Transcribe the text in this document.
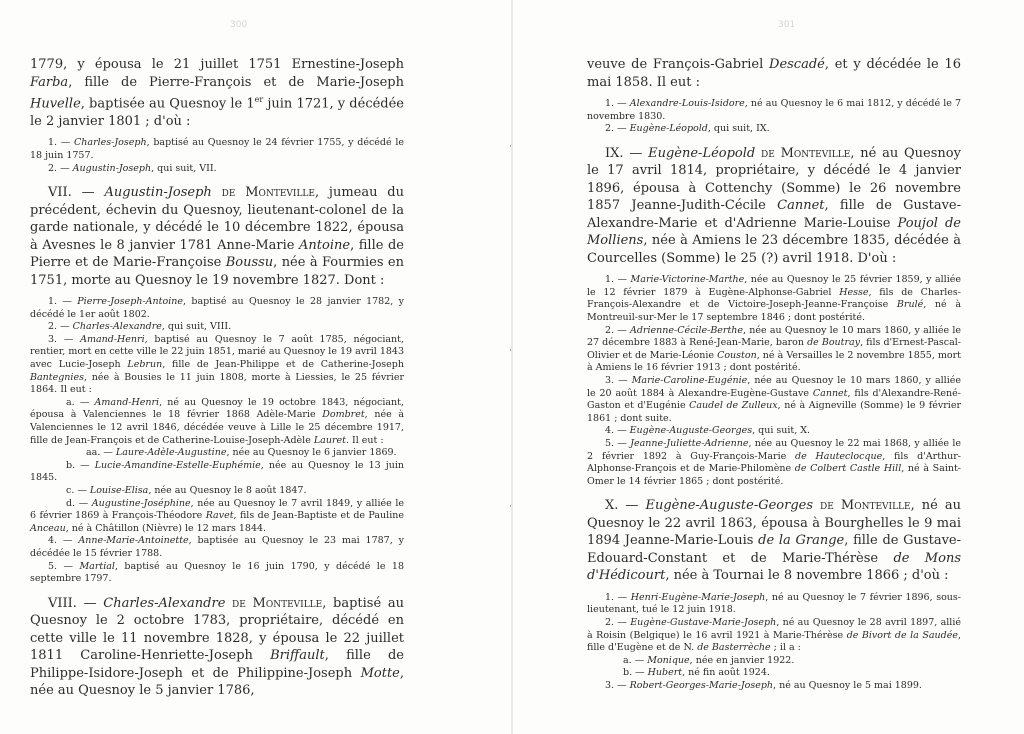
·
·
·
300

1779, y épousa le 21 juillet 1751 Ernestine-Joseph Farba, fille de Pierre-François et de Marie-Joseph Huvelle, baptisée au Quesnoy le 1er juin 1721, y décédée le 2 janvier 1801 ; d'où :

1. — Charles-Joseph, baptisé au Quesnoy le 24 février 1755, y décédé le 18 juin 1757.

2. — Augustin-Joseph, qui suit, VII.

VII. — Augustin-Joseph de Monteville, jumeau du précédent, échevin du Quesnoy, lieutenant-colonel de la garde nationale, y décédé le 10 décembre 1822, épousa à Avesnes le 8 janvier 1781 Anne-Marie Antoine, fille de Pierre et de Marie-Françoise Boussu, née à Fourmies en 1751, morte au Quesnoy le 19 novembre 1827. Dont :

1. — Pierre-Joseph-Antoine, baptisé au Quesnoy le 28 janvier 1782, y décédé le 1er août 1802.

2. — Charles-Alexandre, qui suit, VIII.

3. — Amand-Henri, baptisé au Quesnoy le 7 août 1785, négociant, rentier, mort en cette ville le 22 juin 1851, marié au Quesnoy le 19 avril 1843 avec Lucie-Joseph Lebrun, fille de Jean-Philippe et de Catherine-Joseph Bantegnies, née à Bousies le 11 juin 1808, morte à Liessies, le 25 février 1864. Il eut :

a. — Amand-Henri, né au Quesnoy le 19 octobre 1843, négociant, épousa à Valenciennes le 18 février 1868 Adèle-Marie Dombret, née à Valenciennes le 12 avril 1846, décédée veuve à Lille le 25 décembre 1917, fille de Jean-François et de Catherine-Louise-Joseph-Adèle Lauret. Il eut :

aa. — Laure-Adèle-Augustine, née au Quesnoy le 6 janvier 1869.

b. — Lucie-Amandine-Estelle-Euphémie, née au Quesnoy le 13 juin 1845.

c. — Louise-Elisa, née au Quesnoy le 8 août 1847.

d. — Augustine-Joséphine, née au Quesnoy le 7 avril 1849, y alliée le 6 février 1869 à François-Théodore Ravet, fils de Jean-Baptiste et de Pauline Anceau, né à Châtillon (Nièvre) le 12 mars 1844.

4. — Anne-Marie-Antoinette, baptisée au Quesnoy le 23 mai 1787, y décédée le 15 février 1788.

5. — Martial, baptisé au Quesnoy le 16 juin 1790, y décédé le 18 septembre 1797.

VIII. — Charles-Alexandre de Monteville, baptisé au Quesnoy le 2 octobre 1783, propriétaire, décédé en cette ville le 11 novembre 1828, y épousa le 22 juillet 1811 Caroline-Henriette-Joseph Briffault, fille de Philippe-Isidore-Joseph et de Philippine-Joseph Motte, née au Quesnoy le 5 janvier 1786,

301

veuve de François-Gabriel Descadé, et y décédée le 16 mai 1858. Il eut :

1. — Alexandre-Louis-Isidore, né au Quesnoy le 6 mai 1812, y décédé le 7 novembre 1830.

2. — Eugène-Léopold, qui suit, IX.

IX. — Eugène-Léopold de Monteville, né au Quesnoy le 17 avril 1814, propriétaire, y décédé le 4 janvier 1896, épousa à Cottenchy (Somme) le 26 novembre 1857 Jeanne-Judith-Cécile Cannet, fille de Gustave-Alexandre-Marie et d'Adrienne Marie-Louise Poujol de Molliens, née à Amiens le 23 décembre 1835, décédée à Courcelles (Somme) le 25 (?) avril 1918. D'où :

1. — Marie-Victorine-Marthe, née au Quesnoy le 25 février 1859, y alliée le 12 février 1879 à Eugène-Alphonse-Gabriel Hesse, fils de Charles-François-Alexandre et de Victoire-Joseph-Jeanne-Françoise Brulé, né à Montreuil-sur-Mer le 17 septembre 1846 ; dont postérité.

2. — Adrienne-Cécile-Berthe, née au Quesnoy le 10 mars 1860, y alliée le 27 décembre 1883 à René-Jean-Marie, baron de Boutray, fils d'Ernest-Pascal-Olivier et de Marie-Léonie Couston, né à Versailles le 2 novembre 1855, mort à Amiens le 16 février 1913 ; dont postérité.

3. — Marie-Caroline-Eugénie, née au Quesnoy le 10 mars 1860, y alliée le 20 août 1884 à Alexandre-Eugène-Gustave Cannet, fils d'Alexandre-René-Gaston et d'Eugénie Caudel de Zulleux, né à Aigneville (Somme) le 9 février 1861 ; dont suite.

4. — Eugène-Auguste-Georges, qui suit, X.

5. — Jeanne-Juliette-Adrienne, née au Quesnoy le 22 mai 1868, y alliée le 2 février 1892 à Guy-François-Marie de Hauteclocque, fils d'Arthur-Alphonse-François et de Marie-Philomène de Colbert Castle Hill, né à Saint-Omer le 14 février 1865 ; dont postérité.

X. — Eugène-Auguste-Georges de Monteville, né au Quesnoy le 22 avril 1863, épousa à Bourghelles le 9 mai 1894 Jeanne-Marie-Louis de la Grange, fille de Gustave-Edouard-Constant et de Marie-Thérèse de Mons d'Hédicourt, née à Tournai le 8 novembre 1866 ; d'où :

1. — Henri-Eugène-Marie-Joseph, né au Quesnoy le 7 février 1896, sous-lieutenant, tué le 12 juin 1918.

2. — Eugène-Gustave-Marie-Joseph, né au Quesnoy le 28 avril 1897, allié à Roisin (Belgique) le 16 avril 1921 à Marie-Thérèse de Bivort de la Saudée, fille d'Eugène et de N. de Basterrèche ; il a :

a. — Monique, née en janvier 1922.

b. — Hubert, né fin août 1924.

3. — Robert-Georges-Marie-Joseph, né au Quesnoy le 5 mai 1899.
